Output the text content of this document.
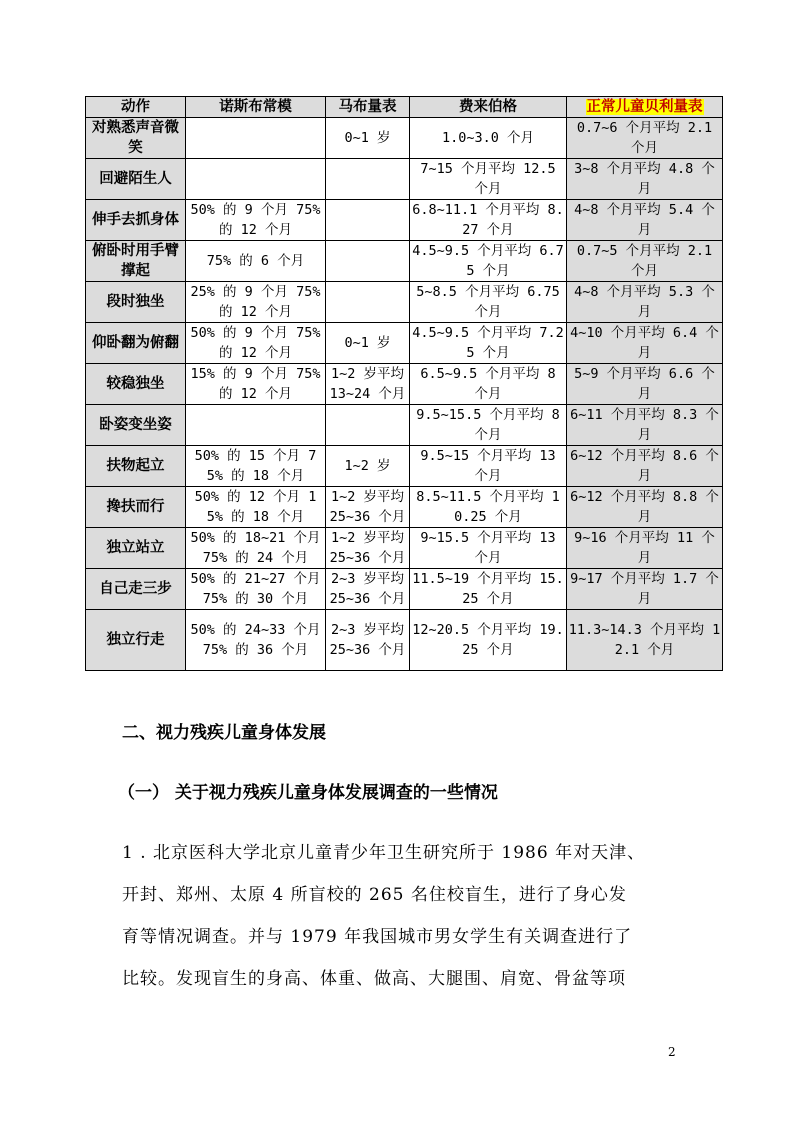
动作	诺斯布常模	马布量表	费来伯格	正常儿童贝利量表
对熟悉声音微笑		0~1 岁	1.0~3.0 个月	0.7~6 个月平均 2.1 个月
回避陌生人			7~15 个月平均 12.5 个月	3~8 个月平均 4.8 个月
伸手去抓身体	50% 的 9 个月 75% 的 12 个月		6.8~11.1 个月平均 8.27 个月	4~8 个月平均 5.4 个月
俯卧时用手臂撑起	75% 的 6 个月		4.5~9.5 个月平均 6.75 个月	0.7~5 个月平均 2.1 个月
段时独坐	25% 的 9 个月 75% 的 12 个月		5~8.5 个月平均 6.75 个月	4~8 个月平均 5.3 个月
仰卧翻为俯翻	50% 的 9 个月 75% 的 12 个月	0~1 岁	4.5~9.5 个月平均 7.25 个月	4~10 个月平均 6.4 个月
较稳独坐	15% 的 9 个月 75% 的 12 个月	1~2 岁平均 13~24 个月	6.5~9.5 个月平均 8 个月	5~9 个月平均 6.6 个月
卧姿变坐姿			9.5~15.5 个月平均 8 个月	6~11 个月平均 8.3 个月
扶物起立	50% 的 15 个月 75% 的 18 个月	1~2 岁	9.5~15 个月平均 13 个月	6~12 个月平均 8.6 个月
搀扶而行	50% 的 12 个月 15% 的 18 个月	1~2 岁平均 25~36 个月	8.5~11.5 个月平均 10.25 个月	6~12 个月平均 8.8 个月
独立站立	50% 的 18~21 个月 75% 的 24 个月	1~2 岁平均 25~36 个月	9~15.5 个月平均 13 个月	9~16 个月平均 11 个月
自己走三步	50% 的 21~27 个月 75% 的 30 个月	2~3 岁平均 25~36 个月	11.5~19 个月平均 15.25 个月	9~17 个月平均 1.7 个月
独立行走	50% 的 24~33 个月 75% 的 36 个月	2~3 岁平均 25~36 个月	12~20.5 个月平均 19.25 个月	11.3~14.3 个月平均 12.1 个月
二、视力残疾儿童身体发展
（一） 关于视力残疾儿童身体发展调查的一些情况
1 . 北京医科大学北京儿童青少年卫生研究所于 1986 年对天津、
开封、郑州、太原 4 所盲校的 265 名住校盲生，进行了身心发
育等情况调查。并与 1979 年我国城市男女学生有关调查进行了
比较。发现盲生的身高、体重、做高、大腿围、肩宽、骨盆等项
2
